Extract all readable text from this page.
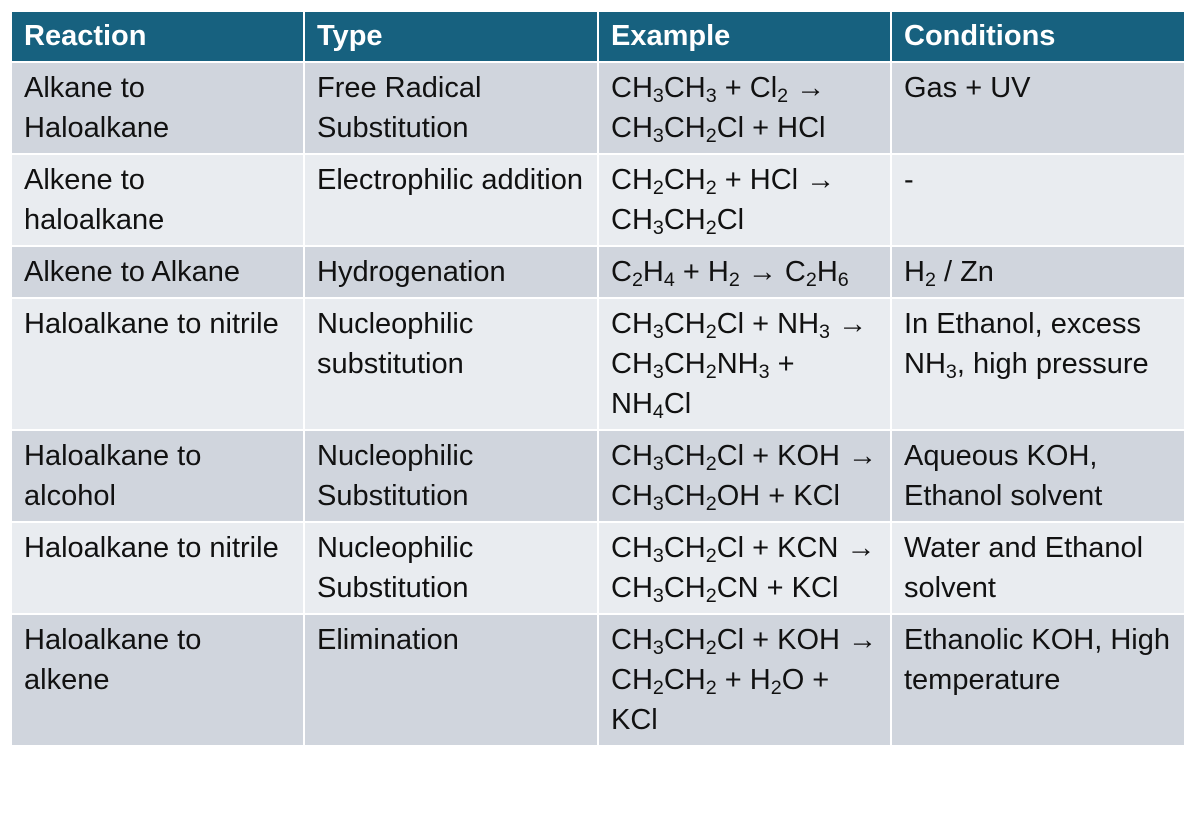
Reaction	Type	Example	Conditions
Alkane to Haloalkane	Free Radical Substitution	$CH_3CH_3 + Cl_2 \to CH_3CH_2Cl$ + HCl	Gas + UV
Alkene to haloalkane	Electrophilic addition	$CH_2CH_2$ + HCl → $CH_3CH_2Cl$	-
Alkene to Alkane	Hydrogenation	$C_2H_4 + H_2 \to C_2H_6$	$H_2$ / Zn
Haloalkane to nitrile	Nucleophilic substitution	$CH_3CH_2Cl + NH_3 \to CH_3CH_2NH_3 + NH_4Cl$	In Ethanol, excess $NH_3$, high pressure
Haloalkane to alcohol	Nucleophilic Substitution	$CH_3CH_2Cl$ + KOH → $CH_3CH_2OH$ + KCl	Aqueous KOH, Ethanol solvent
Haloalkane to nitrile	Nucleophilic Substitution	$CH_3CH_2Cl$ + KCN → $CH_3CH_2CN$ + KCl	Water and Ethanol solvent
Haloalkane to alkene	Elimination	$CH_3CH_2Cl$ + KOH → $CH_2CH_2 + H_2O$ + KCl	Ethanolic KOH, High temperature
